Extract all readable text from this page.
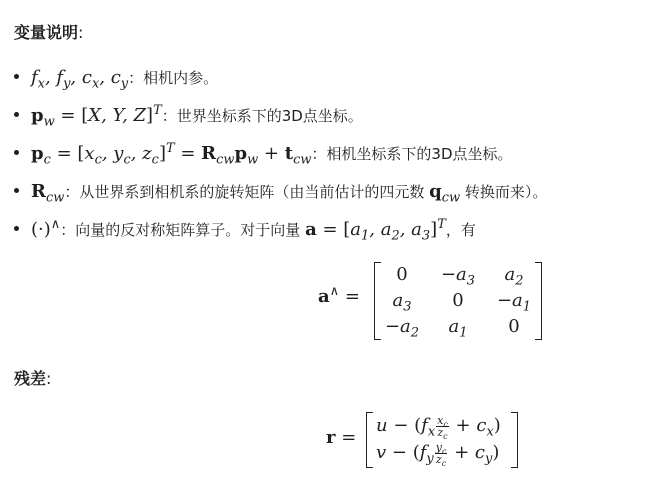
变量说明:
$f_x$, $f_y$, $c_x$, $c_y$：相机内参。
$p_w = [X$, Y, Z]$^T$：世界坐标系下的3D点坐标。
$p_c = [x_c$, $y_c$, $z_c]^T = R_{cw}p_w + t_{cw}$：相机坐标系下的3D点坐标。
$R_{cw}$：从世界系到相机系的旋转矩阵（由当前估计的四元数 $q_{cw}$ 转换而来）。
(·)∧：向量的反对称矩阵算子。对于向量 $a = [a_1$, $a_2$, $a_3]^T$，有
a∧ =
0	$-a_3$	$a_2$
$a_3$	0	$-a_1$
$-a_2$	$a_1$	0
残差:
r =
$u - (f_x \frac{x_c}{z_c} + c_x)$
$v - (f_y \frac{y_c}{z_c} + c_y)$
